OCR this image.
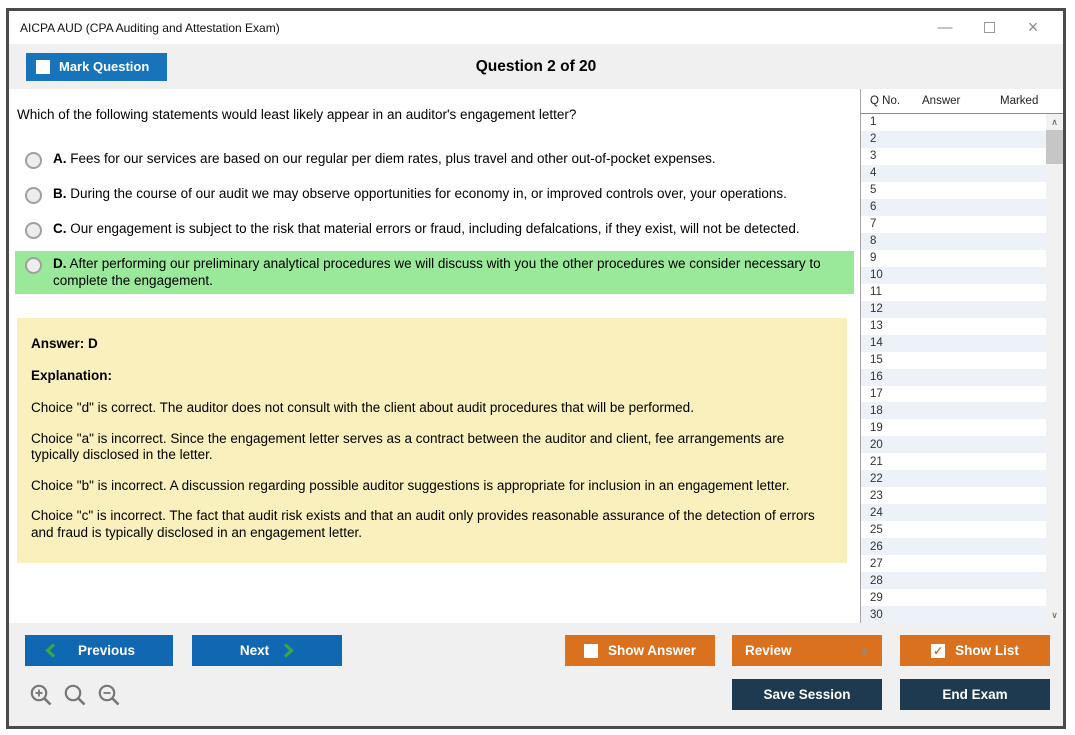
AICPA AUD (CPA Auditing and Attestation Exam)	—	×
Mark Question	Question 2 of 20
Which of the following statements would least likely appear in an auditor's engagement letter?
A. Fees for our services are based on our regular per diem rates, plus travel and other out-of-pocket expenses.
B. During the course of our audit we may observe opportunities for economy in, or improved controls over, your operations.
C. Our engagement is subject to the risk that material errors or fraud, including defalcations, if they exist, will not be detected.
D. After performing our preliminary analytical procedures we will discuss with you the other procedures we consider necessary to complete the engagement.
Answer: D
Explanation:

Choice "d" is correct. The auditor does not consult with the client about audit procedures that will be performed.

Choice "a" is incorrect. Since the engagement letter serves as a contract between the auditor and client, fee arrangements are typically disclosed in the letter.

Choice "b" is incorrect. A discussion regarding possible auditor suggestions is appropriate for inclusion in an engagement letter.

Choice "c" is incorrect. The fact that audit risk exists and that an audit only provides reasonable assurance of the detection of errors and fraud is typically disclosed in an engagement letter.

Q No.	Answer	Marked
1
2
3
4
5
6
7
8
9
10
11
12
13
14
15
16
17
18
19
20
21
22
23
24
25
26
27
28
29
30
∧
∨
Previous	Next	Show Answer	Review	▲	✓ Show List
Save Session	End Exam
